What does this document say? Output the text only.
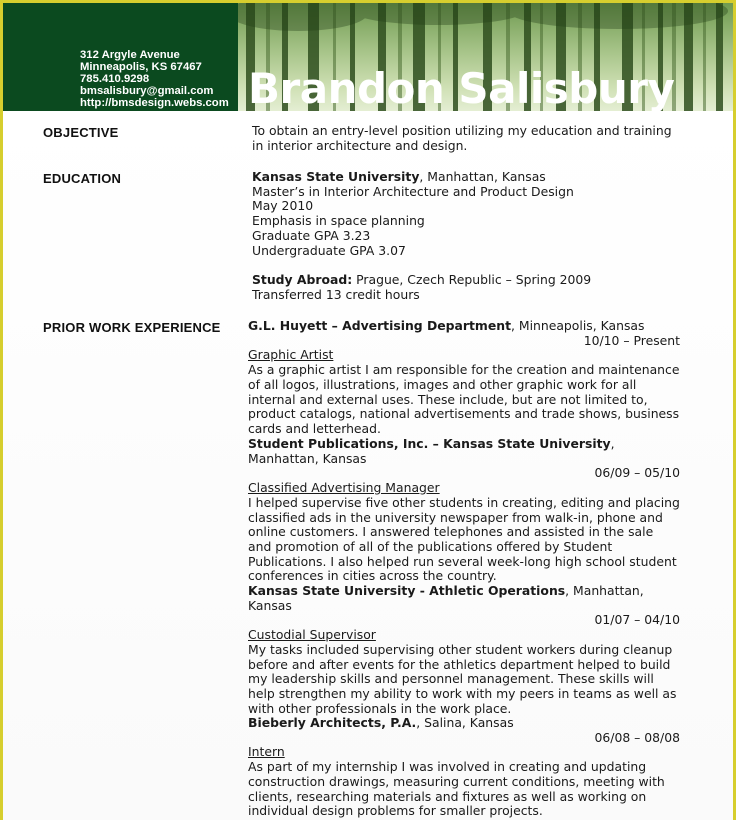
312 Argyle Avenue
Minneapolis, KS 67467
785.410.9298
bmsalisbury@gmail.com
http://bmsdesign.webs.com Brandon Salisbury
OBJECTIVE	To obtain an entry-level position utilizing my education and training in interior architecture and design.

EDUCATION	Kansas State University, Manhattan, Kansas

Master’s in Interior Architecture and Product Design

May 2010

Emphasis in space planning

Graduate GPA 3.23

Undergraduate GPA 3.07

Study Abroad: Prague, Czech Republic – Spring 2009

Transferred 13 credit hours

PRIOR WORK EXPERIENCE G.L. Huyett – Advertising Department, Minneapolis, Kansas

10/10 – Present

Graphic Artist

As a graphic artist I am responsible for the creation and maintenance of all logos, illustrations, images and other graphic work for all internal and external uses. These include, but are not limited to, product catalogs, national advertisements and trade shows, business cards and letterhead.

Student Publications, Inc. – Kansas State University, Manhattan, Kansas

06/09 – 05/10

Classified Advertising Manager

I helped supervise five other students in creating, editing and placing classified ads in the university newspaper from walk-in, phone and online customers. I answered telephones and assisted in the sale and promotion of all of the publications offered by Student Publications. I also helped run several week-long high school student conferences in cities across the country.

Kansas State University - Athletic Operations, Manhattan, Kansas

01/07 – 04/10

Custodial Supervisor

My tasks included supervising other student workers during cleanup before and after events for the athletics department helped to build my leadership skills and personnel management. These skills will help strengthen my ability to work with my peers in teams as well as with other professionals in the work place.

Bieberly Architects, P.A., Salina, Kansas

06/08 – 08/08

Intern

As part of my internship I was involved in creating and updating construction drawings, measuring current conditions, meeting with clients, researching materials and fixtures as well as working on individual design problems for smaller projects.
